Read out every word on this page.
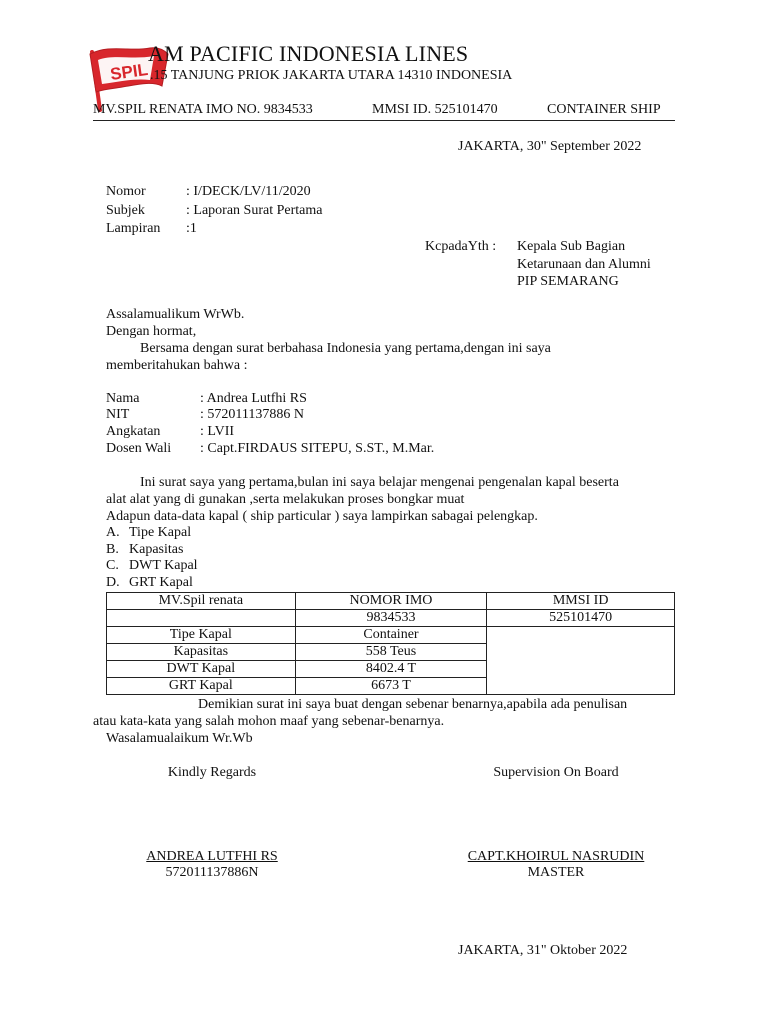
SPIL
AM PACIFIC INDONESIA LINES
.15 TANJUNG PRIOK JAKARTA UTARA 14310 INDONESIA
MV.SPIL RENATA IMO NO. 9834533	MMSI ID. 525101470	CONTAINER SHIP
JAKARTA, 30" September 2022
Nomor	: I/DECK/LV/11/2020
Subjek	: Laporan Surat Pertama
Lampiran :1
KcpadaYth : Kepala Sub Bagian
Ketarunaan dan Alumni
PIP SEMARANG
Assalamualikum WrWb.
Dengan hormat,
Bersama dengan surat berbahasa Indonesia yang pertama,dengan ini saya
memberitahukan bahwa :
Nama	: Andrea Lutfhi RS
NIT	: 572011137886 N
Angkatan	: LVII
Dosen Wali : Capt.FIRDAUS SITEPU, S.ST., M.Mar.
Ini surat saya yang pertama,bulan ini saya belajar mengenai pengenalan kapal beserta
alat alat yang di gunakan ,serta melakukan proses bongkar muat
Adapun data-data kapal ( ship particular ) saya lampirkan sabagai pelengkap.
A. Tipe Kapal
B. Kapasitas
C. DWT Kapal
D. GRT Kapal
MV.Spil renata	NOMOR IMO	MMSI ID
	9834533	525101470
Tipe Kapal	Container	
Kapasitas	558 Teus	
DWT Kapal	8402.4 T	
GRT Kapal	6673 T	
Demikian surat ini saya buat dengan sebenar benarnya,apabila ada penulisan
atau kata-kata yang salah mohon maaf yang sebenar-benarnya.
Wasalamualaikum Wr.Wb
Kindly Regards	Supervision On Board
ANDREA LUTFHI RS	CAPT.KHOIRUL NASRUDIN
572011137886N	MASTER
JAKARTA, 31" Oktober 2022
